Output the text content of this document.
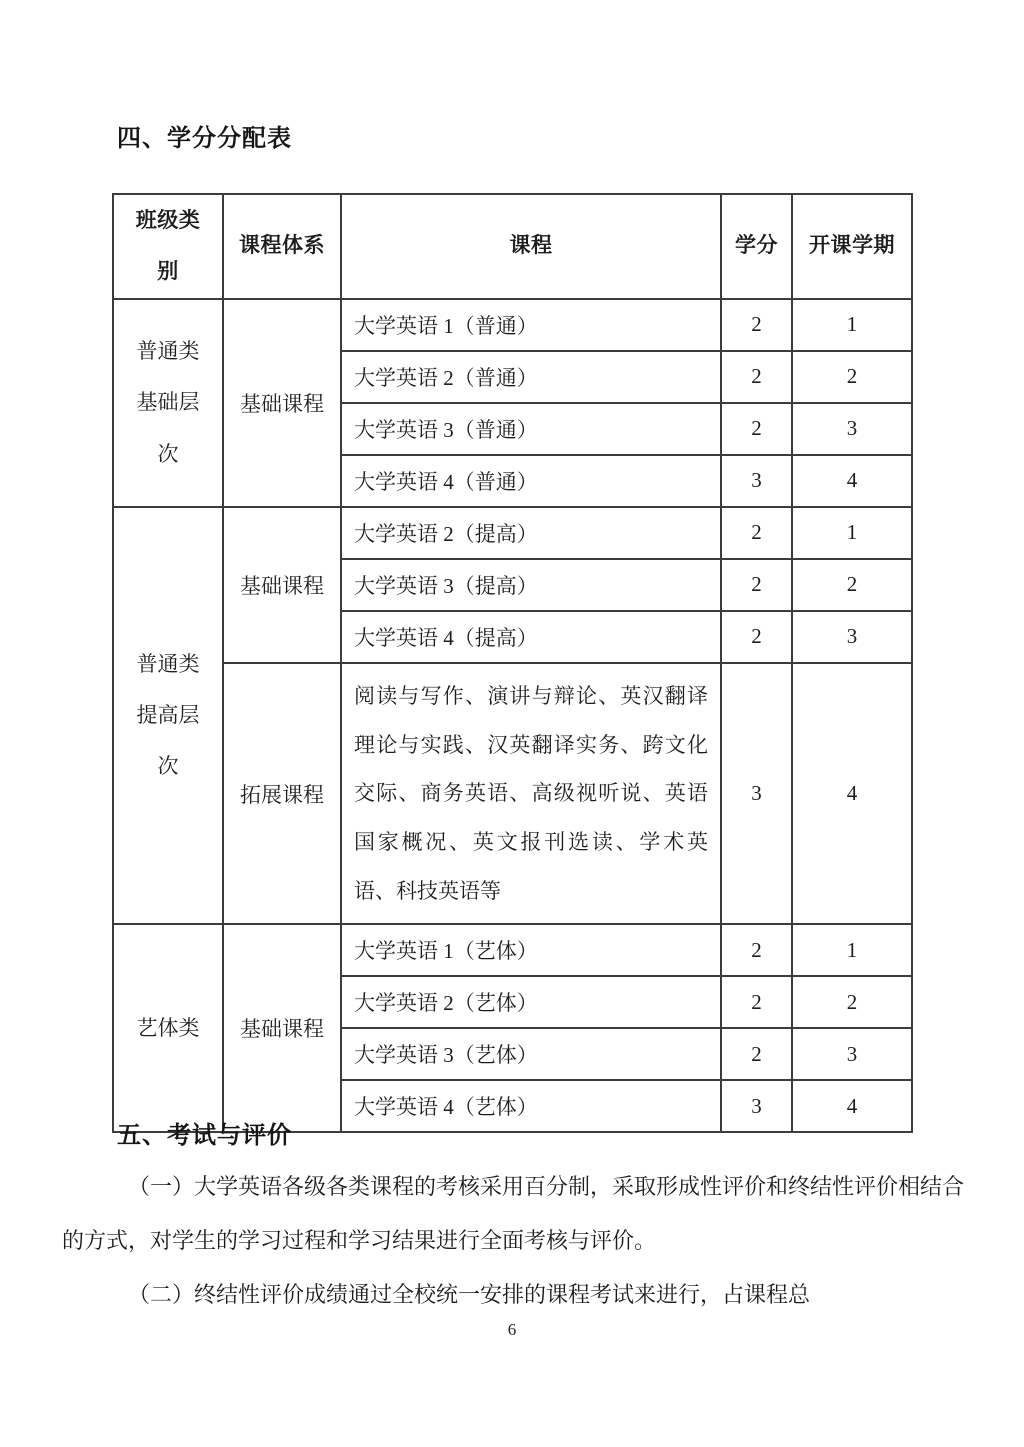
四、学分分配表
班级类别	课程体系	课程	学分	开课学期
普通类基础层次	基础课程	大学英语 1（普通）	2	1
		大学英语 2（普通）	2	2
		大学英语 3（普通）	2	3
		大学英语 4（普通）	3	4
普通类提高层次	基础课程	大学英语 2（提高）	2	1
		大学英语 3（提高）	2	2
		大学英语 4（提高）	2	3
	拓展课程	阅读与写作、演讲与辩论、英汉翻译理论与实践、汉英翻译实务、跨文化交际、商务英语、高级视听说、英语国家概况、英文报刊选读、学术英语、科技英语等	3	4
艺体类	基础课程	大学英语 1（艺体）	2	1
		大学英语 2（艺体）	2	2
		大学英语 3（艺体）	2	3
		大学英语 4（艺体）	3	4
五、考试与评价

（一）大学英语各级各类课程的考核采用百分制，采取形成性评价和终结性评价相结合的方式，对学生的学习过程和学习结果进行全面考核与评价。

（二）终结性评价成绩通过全校统一安排的课程考试来进行，占课程总

6
